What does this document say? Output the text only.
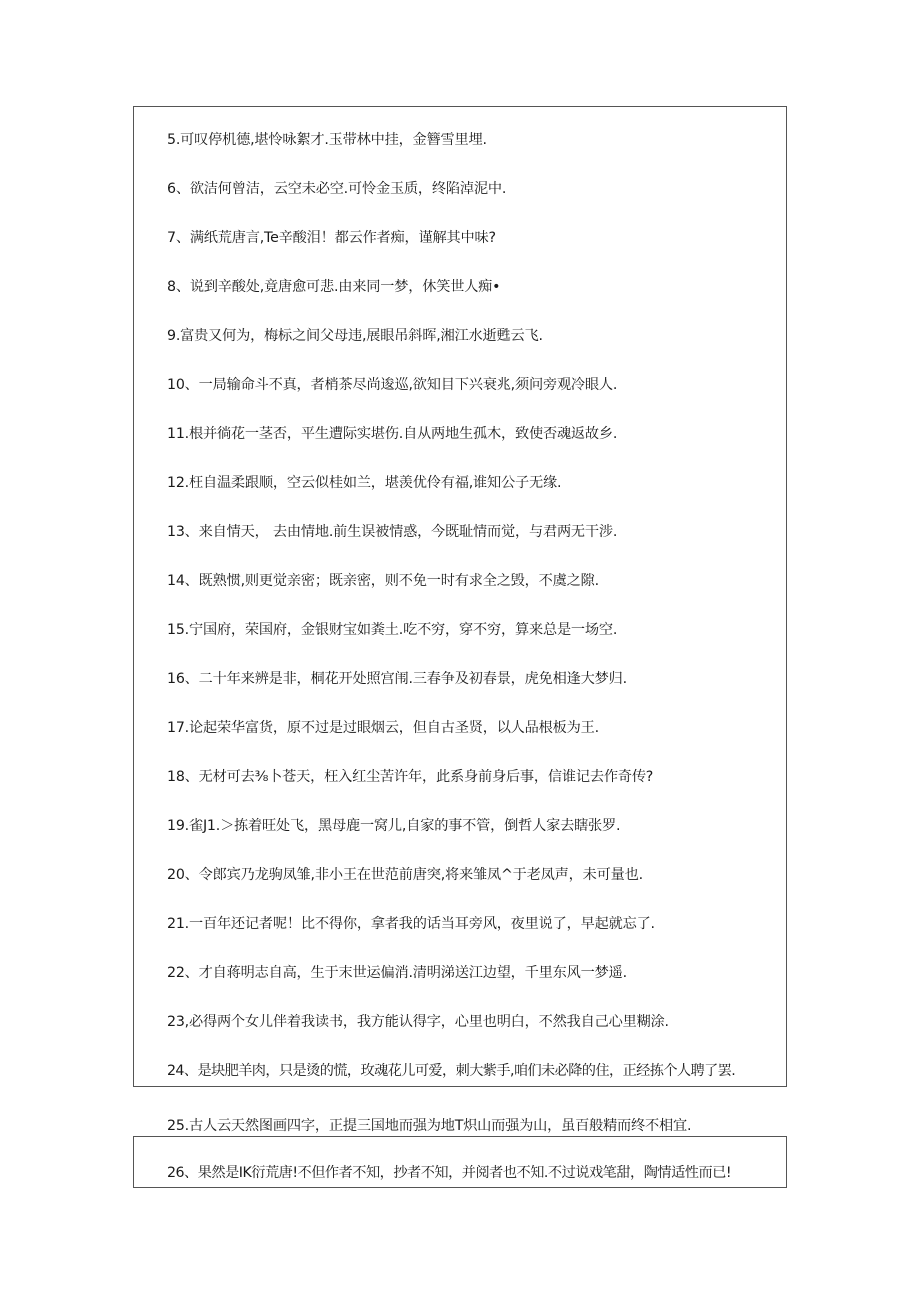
5.可叹停机德,堪怜咏絮才.玉带林中挂，金簪雪里埋.
6、欲洁何曾洁，云空未必空.可怜金玉质，终陷淖泥中.
7、满纸荒唐言,Te辛酸泪！都云作者痴，谨解其中味?
8、说到辛酸处,竟唐愈可悲.由来同一梦，休笑世人痴•
9.富贵又何为，梅标之间父母违,展眼吊斜晖,湘江水逝甦云飞.
10、一局输命斗不真，者梢茶尽尚逡巡,欲知目下兴衰兆,须问旁观冷眼人.
11.根并徜花一茎否，平生遭际实堪伤.自从两地生孤木，致使否魂返故乡.
12.枉自温柔跟顺，空云似桂如兰，堪羡优伶有福,谁知公子无缘.
13、来自情天， 去由情地.前生误被情惑，今既耻情而觉，与君两无干涉.
14、既熟惯,则更觉亲密；既亲密，则不免一时有求全之毁，不虞之隙.
15.宁国府，荣国府，金银财宝如粪土.吃不穷，穿不穷，算来总是一场空.
16、二十年来辨是非，桐花开处照宫闱.三春争及初春景，虎免相逢大梦归.
17.论起荣华富货，原不过是过眼烟云，但自古圣贤，以人品根板为王.
18、无材可去⅜卜苍天，枉入红尘苦许年，此系身前身后事，信谁记去作奇传?
19.雀J1.＞拣着旺处飞，黑母鹿一窝儿,自家的事不管，倒哲人家去瞎张罗.
20、令郎宾乃龙驹凤雏,非小王在世范前唐突,将来雏凤^于老凤声，未可量也.
21.一百年还记者呢！比不得你，拿者我的话当耳旁风，夜里说了，早起就忘了.
22、才自蒋明志自高，生于末世运偏消.清明涕送江边望，千里东风一梦遥.
23,必得两个女儿伴着我读书，我方能认得字，心里也明白，不然我自己心里糊涂.
24、是块肥羊肉，只是烫的慌，玫魂花儿可爱，刺大紫手,咱们未必降的住，正经拣个人聘了罢.
25.古人云天然图画四字，正提三国地而强为地T炽山而强为山，虽百般精而终不相宜.
26、果然是IK衍荒唐!不但作者不知，抄者不知，并阅者也不知.不过说戏笔甜，陶情适性而已!
